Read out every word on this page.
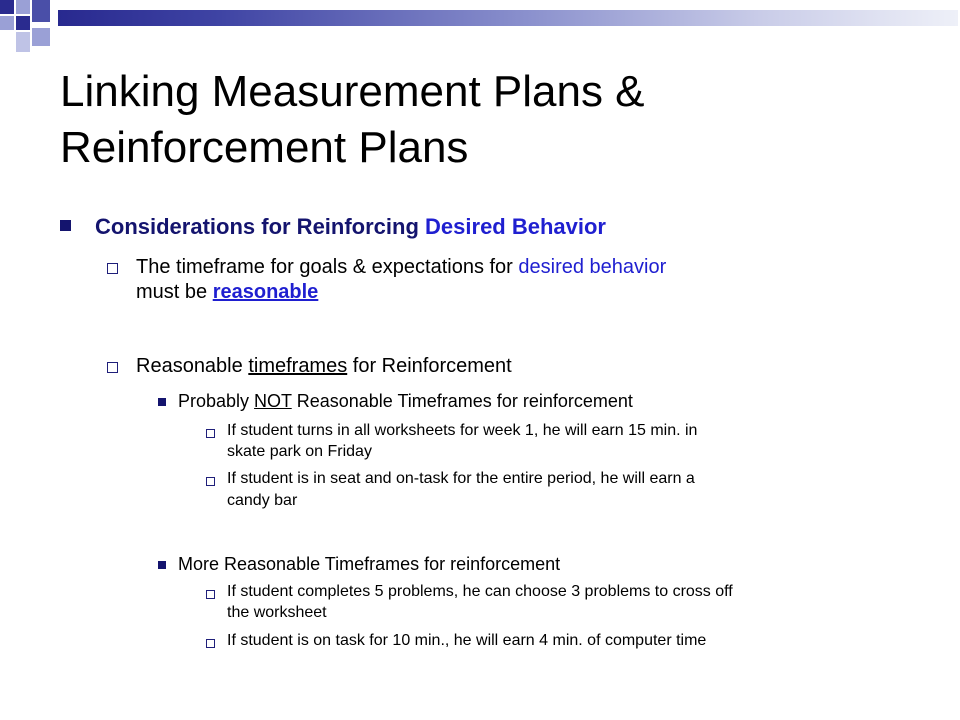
Linking Measurement Plans &
Reinforcement Plans
Considerations for Reinforcing Desired Behavior
The timeframe for goals & expectations for desired behavior
must be reasonable
Reasonable timeframes for Reinforcement
Probably NOT Reasonable Timeframes for reinforcement
If student turns in all worksheets for week 1, he will earn 15 min. in
skate park on Friday
If student is in seat and on-task for the entire period, he will earn a
candy bar
More Reasonable Timeframes for reinforcement
If student completes 5 problems, he can choose 3 problems to cross off
the worksheet
If student is on task for 10 min., he will earn 4 min. of computer time
